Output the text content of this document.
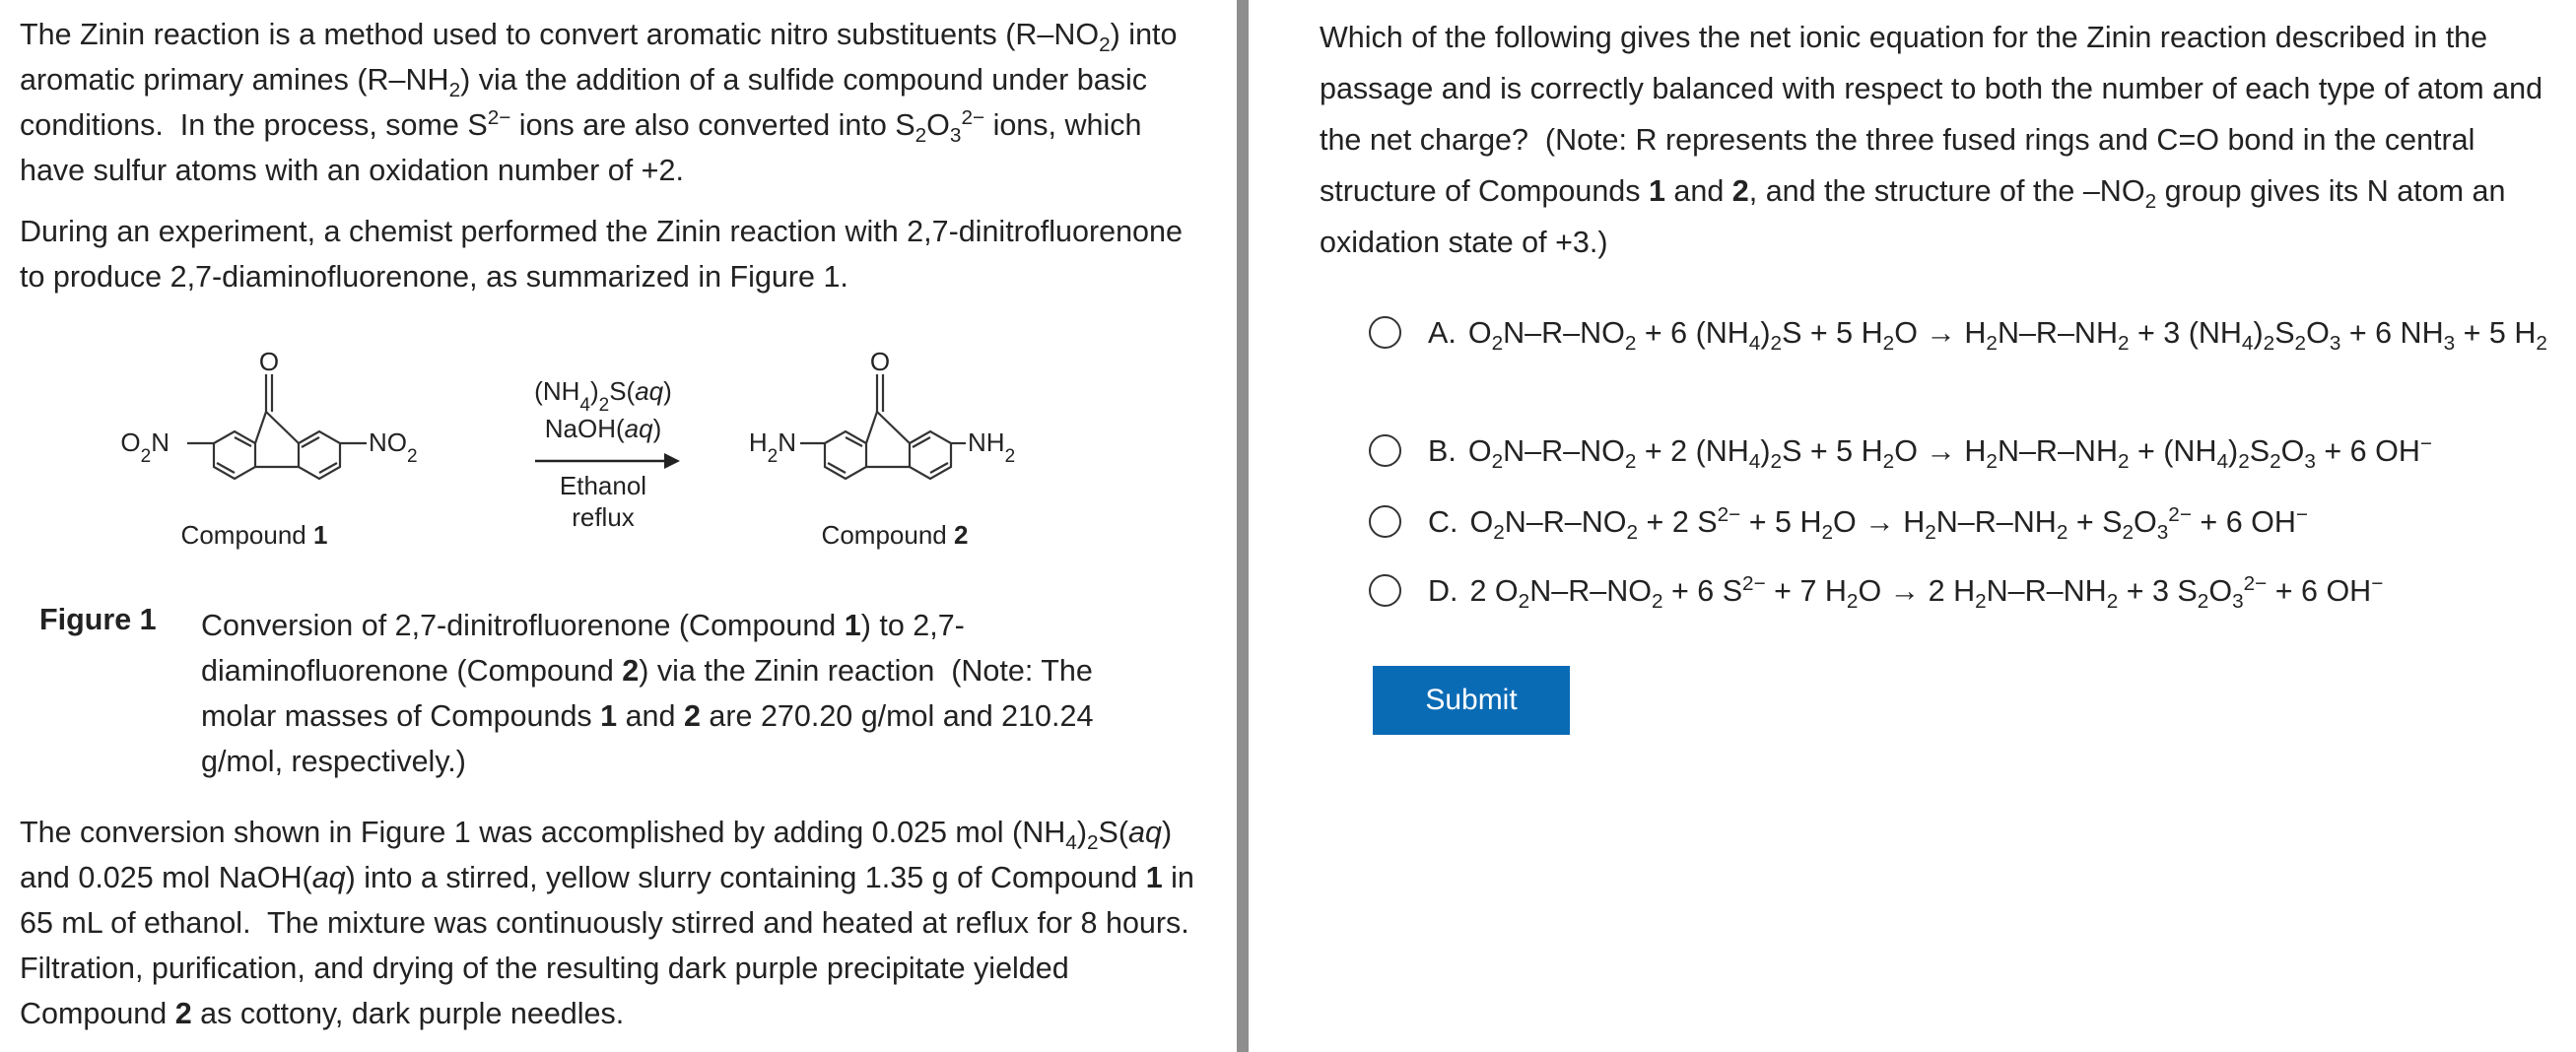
The Zinin reaction is a method used to convert aromatic nitro substituents $(R-NO_2)$ into aromatic primary amines $(R-NH_2)$ via the addition of a sulfide compound under basic conditions.  In the process, some $S^{2-}$ ions are also converted into $S_2O_3^{2-}$ ions, which have sulfur atoms with an oxidation number of +2.

During an experiment, a chemist performed the Zinin reaction with 2,7-dinitrofluorenone to produce 2,7-diaminofluorenone, as summarized in Figure 1.

$O_2N$	$NO_2$
O
Compound 1
$(NH_4)_2S(aq)$
NaOH(aq)
Ethanol
reflux
$H_2N$	$NH_2$
O
Compound 2
Figure 1 Conversion of 2,7-dinitrofluorenone (Compound 1) to 2,7-diaminofluorenone (Compound 2) via the Zinin reaction  (Note: The molar masses of Compounds 1 and 2 are 270.20 g/mol and 210.24 g/mol, respectively.)

The conversion shown in Figure 1 was accomplished by adding 0.025 mol $(NH_4)_2S(aq)$ and 0.025 mol NaOH(aq) into a stirred, yellow slurry containing 1.35 g of Compound 1 in 65 mL of ethanol.  The mixture was continuously stirred and heated at reflux for 8 hours.  Filtration, purification, and drying of the resulting dark purple precipitate yielded Compound 2 as cottony, dark purple needles.

Which of the following gives the net ionic equation for the Zinin reaction described in the passage and is correctly balanced with respect to both the number of each type of atom and the net charge?  (Note: R represents the three fused rings and C=O bond in the central structure of Compounds 1 and 2, and the structure of the $-NO_2$ group gives its N atom an oxidation state of +3.)

A. $O_2N-R-NO_2 + 6$ $(NH_4)_2S + 5$ $H_2O \to H_2N-R-NH_2 + 3$ $(NH_4)_2S_2O_3 + 6$ $NH_3 + 5$ $H_2$
B. $O_2N-R-NO_2 + 2$ $(NH_4)_2S + 5$ $H_2O \to H_2N-R-NH_2 + (NH_4)_2S_2O_3 + 6$ OH−
C. $O_2N-R-NO_2 + 2$ $S^{2-} + 5$ $H_2O \to H_2N-R-NH_2 + S_2O_3^{2-} + 6$ OH−
D. 2 $O_2N-R-NO_2 + 6$ $S^{2-} + 7$ $H_2O \to 2$ $H_2N-R-NH_2 + 3$ $S_2O_3^{2-} + 6$ OH−
Submit
